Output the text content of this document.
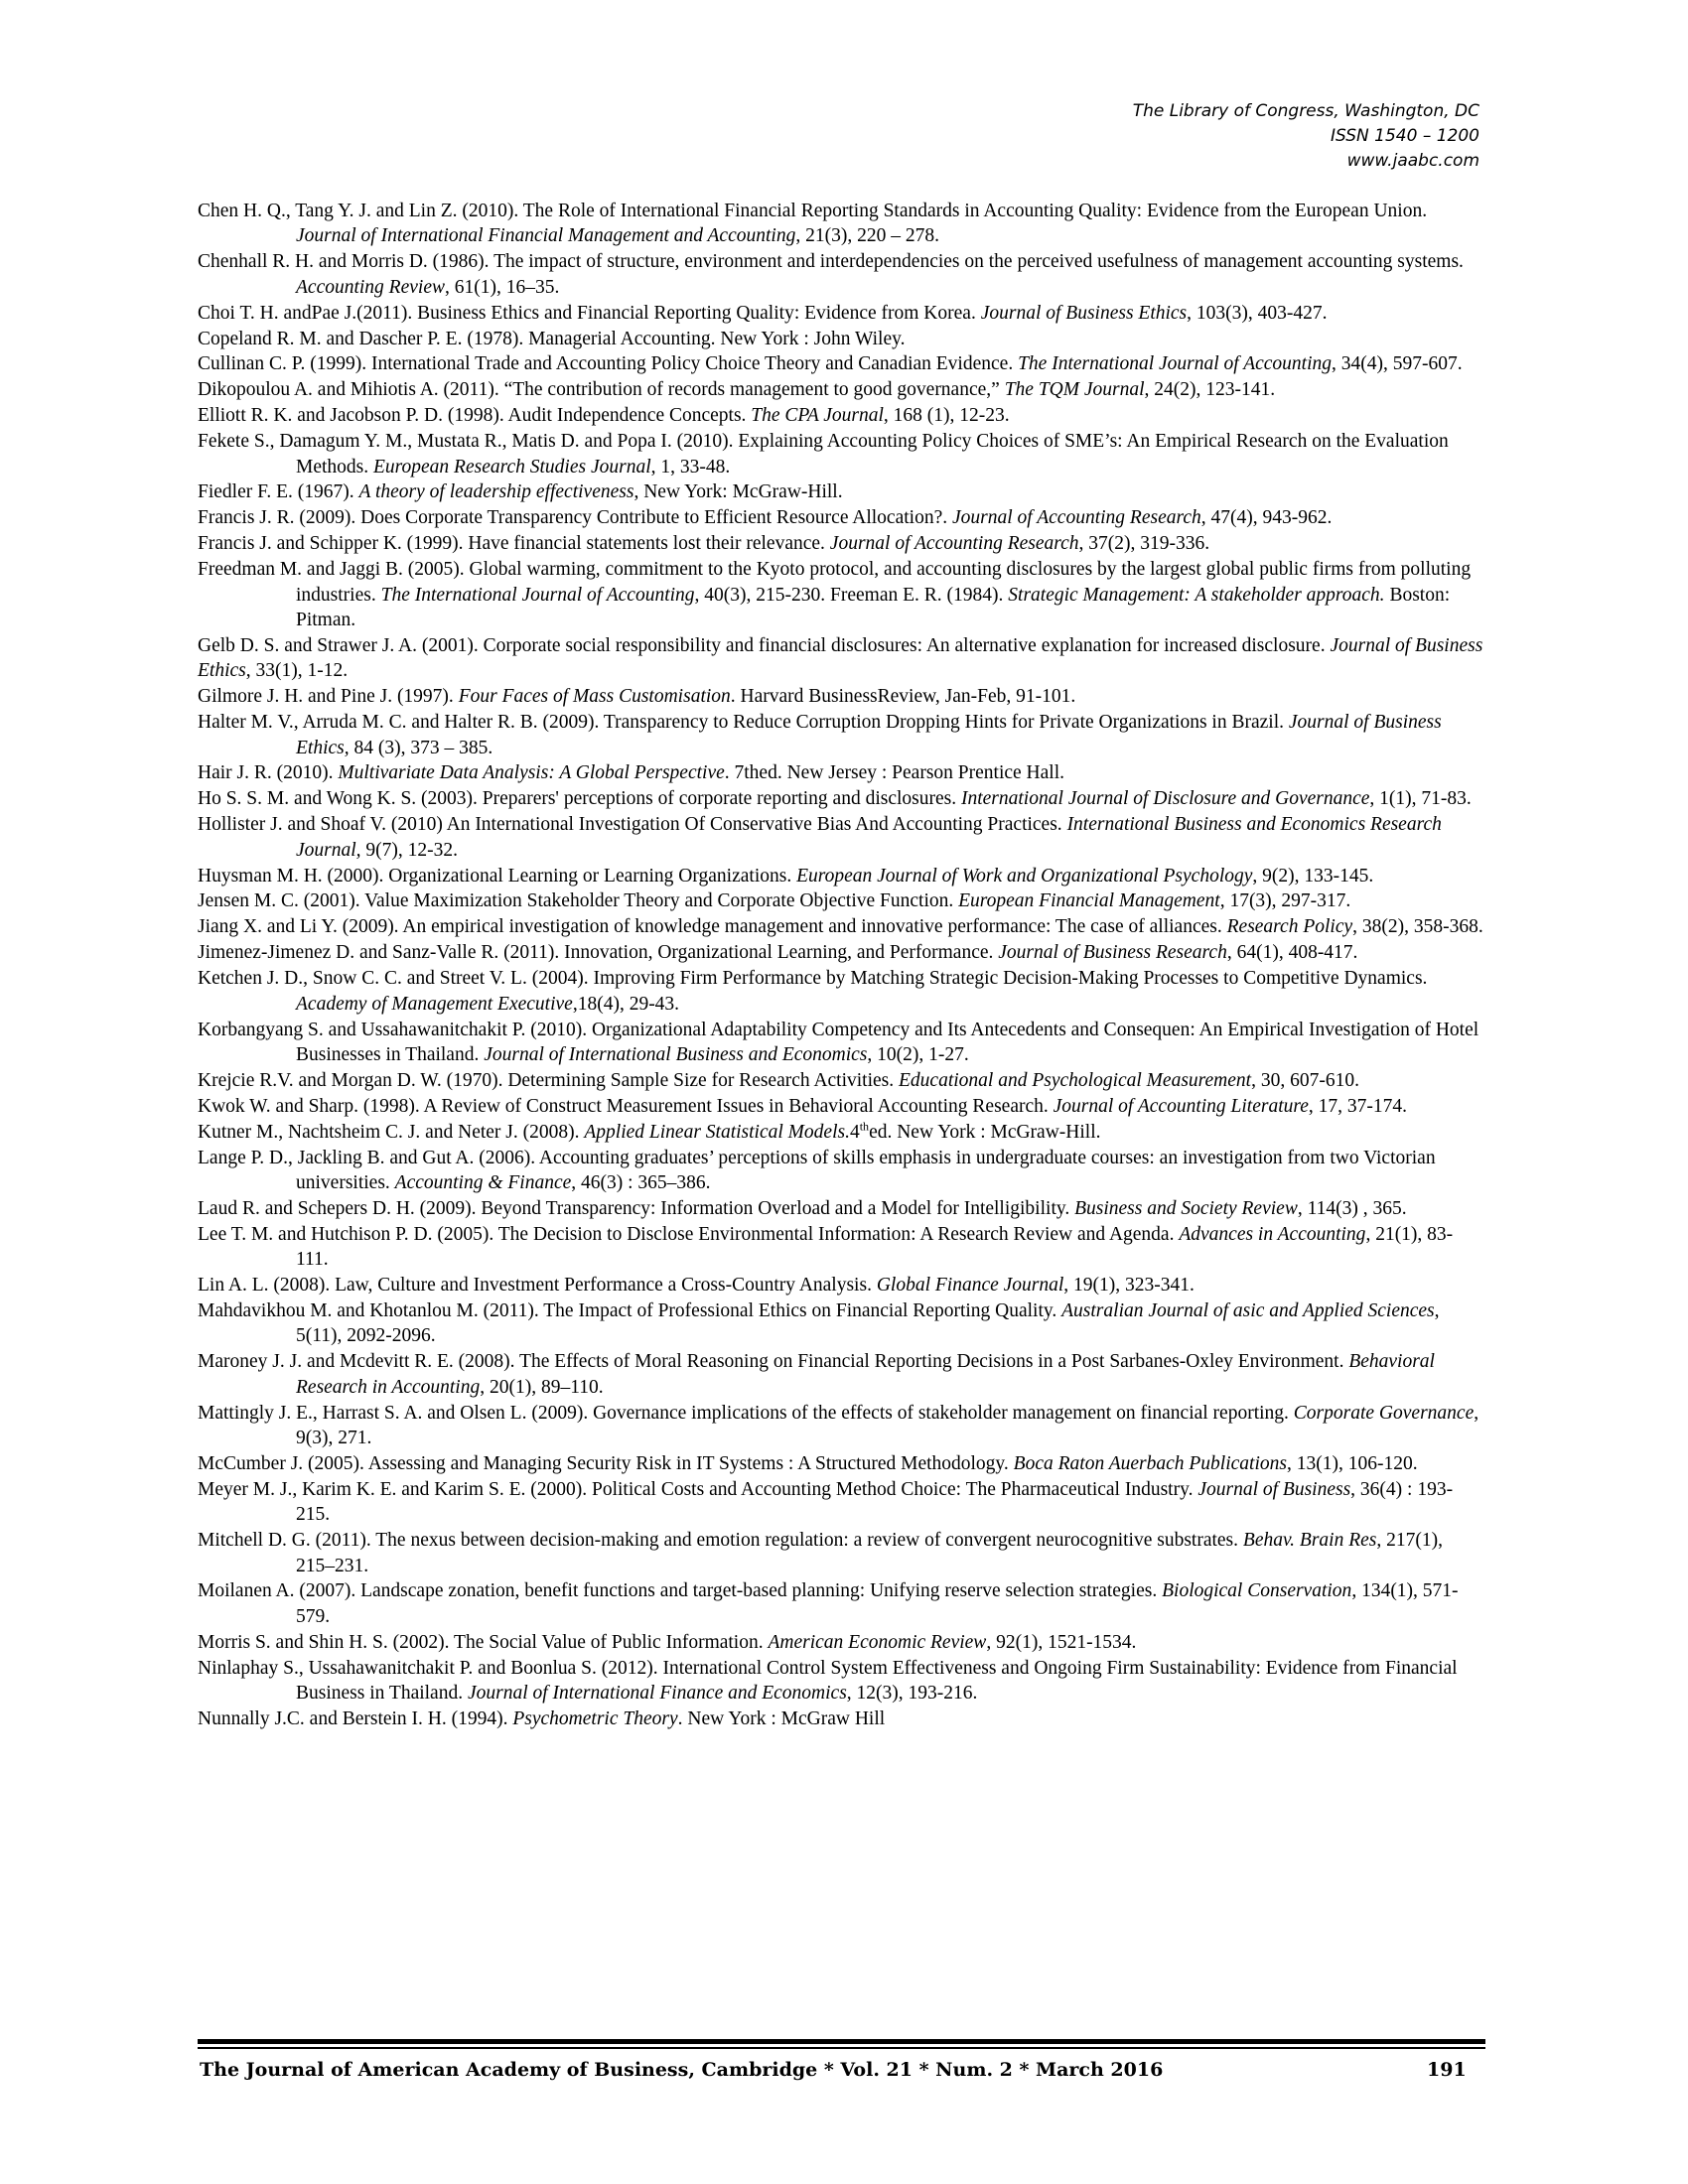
The Library of Congress, Washington, DC
ISSN 1540 – 1200
www.jaabc.com
Chen H. Q., Tang Y. J. and Lin Z. (2010). The Role of International Financial Reporting Standards in Accounting Quality: Evidence from the European Union. Journal of International Financial Management and Accounting, 21(3), 220 – 278.
Chenhall R. H. and Morris D. (1986). The impact of structure, environment and interdependencies on the perceived usefulness of management accounting systems. Accounting Review, 61(1), 16–35.
Choi T. H. andPae J.(2011). Business Ethics and Financial Reporting Quality: Evidence from Korea. Journal of Business Ethics, 103(3), 403-427.
Copeland R. M. and Dascher P. E. (1978). Managerial Accounting. New York : John Wiley.
Cullinan C. P. (1999). International Trade and Accounting Policy Choice Theory and Canadian Evidence. The International Journal of Accounting, 34(4), 597-607.
Dikopoulou A. and Mihiotis A. (2011). “The contribution of records management to good governance,” The TQM Journal, 24(2), 123-141.
Elliott R. K. and Jacobson P. D. (1998). Audit Independence Concepts. The CPA Journal, 168 (1), 12-23.
Fekete S., Damagum Y. M., Mustata R., Matis D. and Popa I. (2010). Explaining Accounting Policy Choices of SME’s: An Empirical Research on the Evaluation Methods. European Research Studies Journal, 1, 33-48.
Fiedler F. E. (1967). A theory of leadership effectiveness, New York: McGraw-Hill.
Francis J. R. (2009). Does Corporate Transparency Contribute to Efficient Resource Allocation?. Journal of Accounting Research, 47(4), 943-962.
Francis J. and Schipper K. (1999). Have financial statements lost their relevance. Journal of Accounting Research, 37(2), 319-336.
Freedman M. and Jaggi B. (2005). Global warming, commitment to the Kyoto protocol, and accounting disclosures by the largest global public firms from polluting industries. The International Journal of Accounting, 40(3), 215-230. Freeman E. R. (1984). Strategic Management: A stakeholder approach. Boston: Pitman.
Gelb D. S. and Strawer J. A. (2001). Corporate social responsibility and financial disclosures: An alternative explanation for increased disclosure. Journal of Business Ethics, 33(1), 1-12.
Gilmore J. H. and Pine J. (1997). Four Faces of Mass Customisation. Harvard BusinessReview, Jan-Feb, 91-101.
Halter M. V., Arruda M. C. and Halter R. B. (2009). Transparency to Reduce Corruption Dropping Hints for Private Organizations in Brazil. Journal of Business Ethics, 84 (3), 373 – 385.
Hair J. R. (2010). Multivariate Data Analysis: A Global Perspective. 7thed. New Jersey : Pearson Prentice Hall.
Ho S. S. M. and Wong K. S. (2003). Preparers' perceptions of corporate reporting and disclosures. International Journal of Disclosure and Governance, 1(1), 71-83.
Hollister J. and Shoaf V. (2010) An International Investigation Of Conservative Bias And Accounting Practices. International Business and Economics Research Journal, 9(7), 12-32.
Huysman M. H. (2000). Organizational Learning or Learning Organizations. European Journal of Work and Organizational Psychology, 9(2), 133-145.
Jensen M. C. (2001). Value Maximization Stakeholder Theory and Corporate Objective Function. European Financial Management, 17(3), 297-317.
Jiang X. and Li Y. (2009). An empirical investigation of knowledge management and innovative performance: The case of alliances. Research Policy, 38(2), 358-368.
Jimenez-Jimenez D. and Sanz-Valle R. (2011). Innovation, Organizational Learning, and Performance. Journal of Business Research, 64(1), 408-417.
Ketchen J. D., Snow C. C. and Street V. L. (2004). Improving Firm Performance by Matching Strategic Decision-Making Processes to Competitive Dynamics. Academy of Management Executive,18(4), 29-43.
Korbangyang S. and Ussahawanitchakit P. (2010). Organizational Adaptability Competency and Its Antecedents and Consequen: An Empirical Investigation of Hotel Businesses in Thailand. Journal of International Business and Economics, 10(2), 1-27.
Krejcie R.V. and Morgan D. W. (1970). Determining Sample Size for Research Activities. Educational and Psychological Measurement, 30, 607-610.
Kwok W. and Sharp. (1998). A Review of Construct Measurement Issues in Behavioral Accounting Research. Journal of Accounting Literature, 17, 37-174.
Kutner M., Nachtsheim C. J. and Neter J. (2008). Applied Linear Statistical Models.4thed. New York : McGraw-Hill.
Lange P. D., Jackling B. and Gut A. (2006). Accounting graduates’ perceptions of skills emphasis in undergraduate courses: an investigation from two Victorian universities. Accounting & Finance, 46(3) : 365–386.
Laud R. and Schepers D. H. (2009). Beyond Transparency: Information Overload and a Model for Intelligibility. Business and Society Review, 114(3) , 365.
Lee T. M. and Hutchison P. D. (2005). The Decision to Disclose Environmental Information: A Research Review and Agenda. Advances in Accounting, 21(1), 83-111.
Lin A. L. (2008). Law, Culture and Investment Performance a Cross-Country Analysis. Global Finance Journal, 19(1), 323-341.
Mahdavikhou M. and Khotanlou M. (2011). The Impact of Professional Ethics on Financial Reporting Quality. Australian Journal of asic and Applied Sciences, 5(11), 2092-2096.
Maroney J. J. and Mcdevitt R. E. (2008). The Effects of Moral Reasoning on Financial Reporting Decisions in a Post Sarbanes-Oxley Environment. Behavioral Research in Accounting, 20(1), 89–110.
Mattingly J. E., Harrast S. A. and Olsen L. (2009). Governance implications of the effects of stakeholder management on financial reporting. Corporate Governance, 9(3), 271.
McCumber J. (2005). Assessing and Managing Security Risk in IT Systems : A Structured Methodology. Boca Raton Auerbach Publications, 13(1), 106-120.
Meyer M. J., Karim K. E. and Karim S. E. (2000). Political Costs and Accounting Method Choice: The Pharmaceutical Industry. Journal of Business, 36(4) : 193-215.
Mitchell D. G. (2011). The nexus between decision-making and emotion regulation: a review of convergent neurocognitive substrates. Behav. Brain Res, 217(1), 215–231.
Moilanen A. (2007). Landscape zonation, benefit functions and target-based planning: Unifying reserve selection strategies. Biological Conservation, 134(1), 571-579.
Morris S. and Shin H. S. (2002). The Social Value of Public Information. American Economic Review, 92(1), 1521-1534.
Ninlaphay S., Ussahawanitchakit P. and Boonlua S. (2012). International Control System Effectiveness and Ongoing Firm Sustainability: Evidence from Financial Business in Thailand. Journal of International Finance and Economics, 12(3), 193-216.
Nunnally J.C. and Berstein I. H. (1994). Psychometric Theory. New York : McGraw Hill
The Journal of American Academy of Business, Cambridge * Vol. 21 * Num. 2 * March 2016	191
